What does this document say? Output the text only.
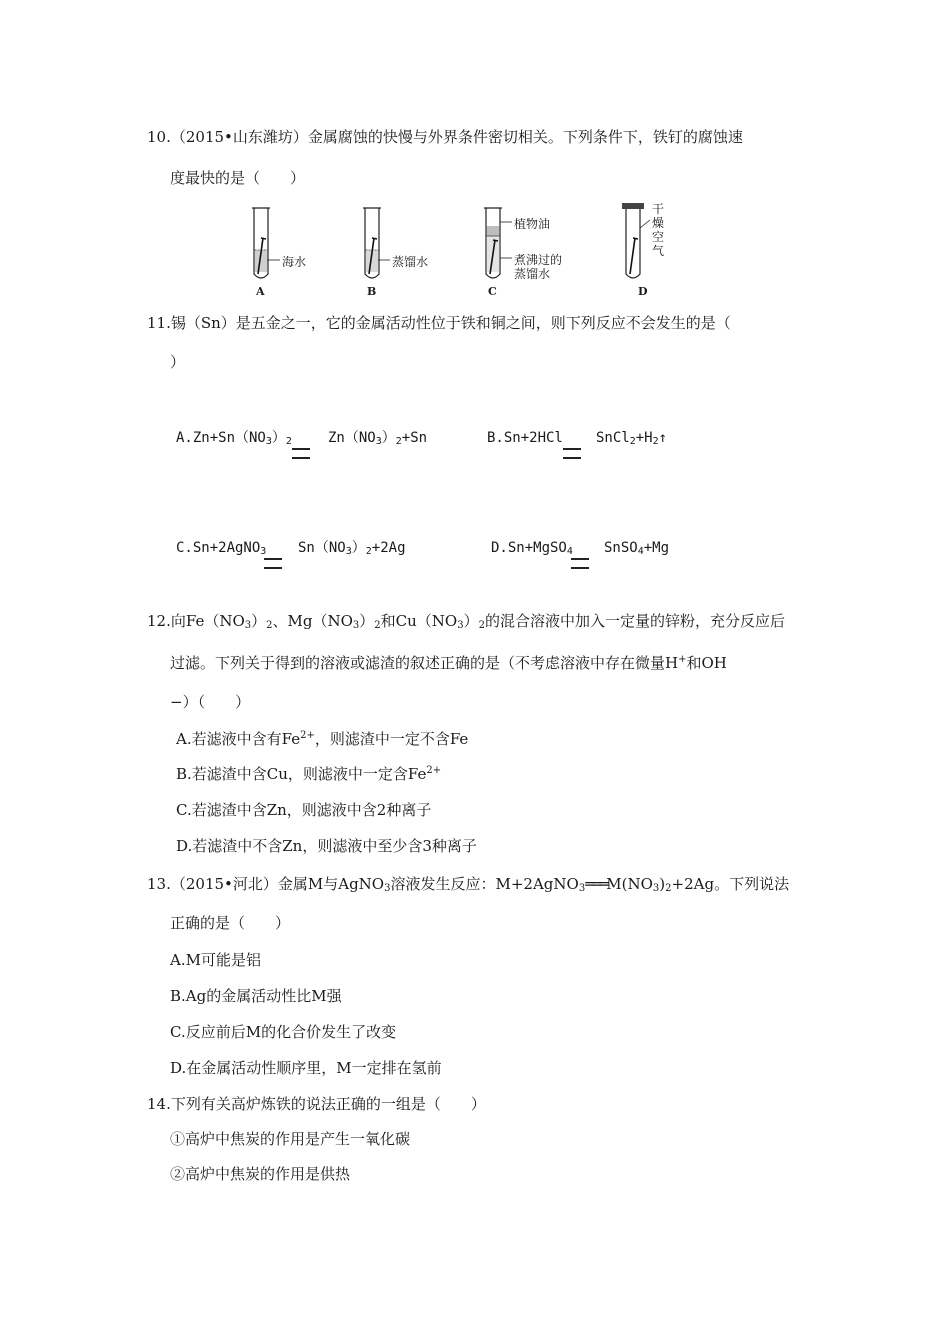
10.（2015•山东潍坊）金属腐蚀的快慢与外界条件密切相关。下列条件下，铁钉的腐蚀速
度最快的是（　　）
海水
A
蒸馏水
B
植物油
煮沸过的
蒸馏水
C
干
燥
空
气
D
11.锡（Sn）是五金之一，它的金属活动性位于铁和铜之间，则下列反应不会发生的是（
）
$A.Zn+Sn(NO_3)_2$	$Zn(NO_3)_2+Sn$	B.Sn+2HCl $SnCl_2+H_2↑$
C.Sn+2AgNO$_3$ $Sn(NO_3)_2+2Ag$	D.Sn+MgSO$_4$ SnSO$_4$+Mg
12.向$Fe(NO_3)_2$、$Mg(NO_3)_2$和$Cu(NO_3)_2$的混合溶液中加入一定量的锌粉，充分反应后
过滤。下列关于得到的溶液或滤渣的叙述正确的是（不考虑溶液中存在微量H+和OH
−）（　　）
A.若滤液中含有$Fe^{2+}$，则滤渣中一定不含Fe
B.若滤渣中含Cu，则滤液中一定含$Fe^{2+}$
C.若滤渣中含Zn，则滤液中含2种离子
D.若滤渣中不含Zn，则滤液中至少含3种离子
13.（2015•河北）金属M与AgNO$_3$溶液发生反应：$M+2AgNO_3═══M(NO_3)_2+2Ag$。下列说法
正确的是（　　）
A.M可能是铝
B.Ag的金属活动性比M强
C.反应前后M的化合价发生了改变
D.在金属活动性顺序里，M一定排在氢前
14.下列有关高炉炼铁的说法正确的一组是（　　）
①高炉中焦炭的作用是产生一氧化碳
②高炉中焦炭的作用是供热
